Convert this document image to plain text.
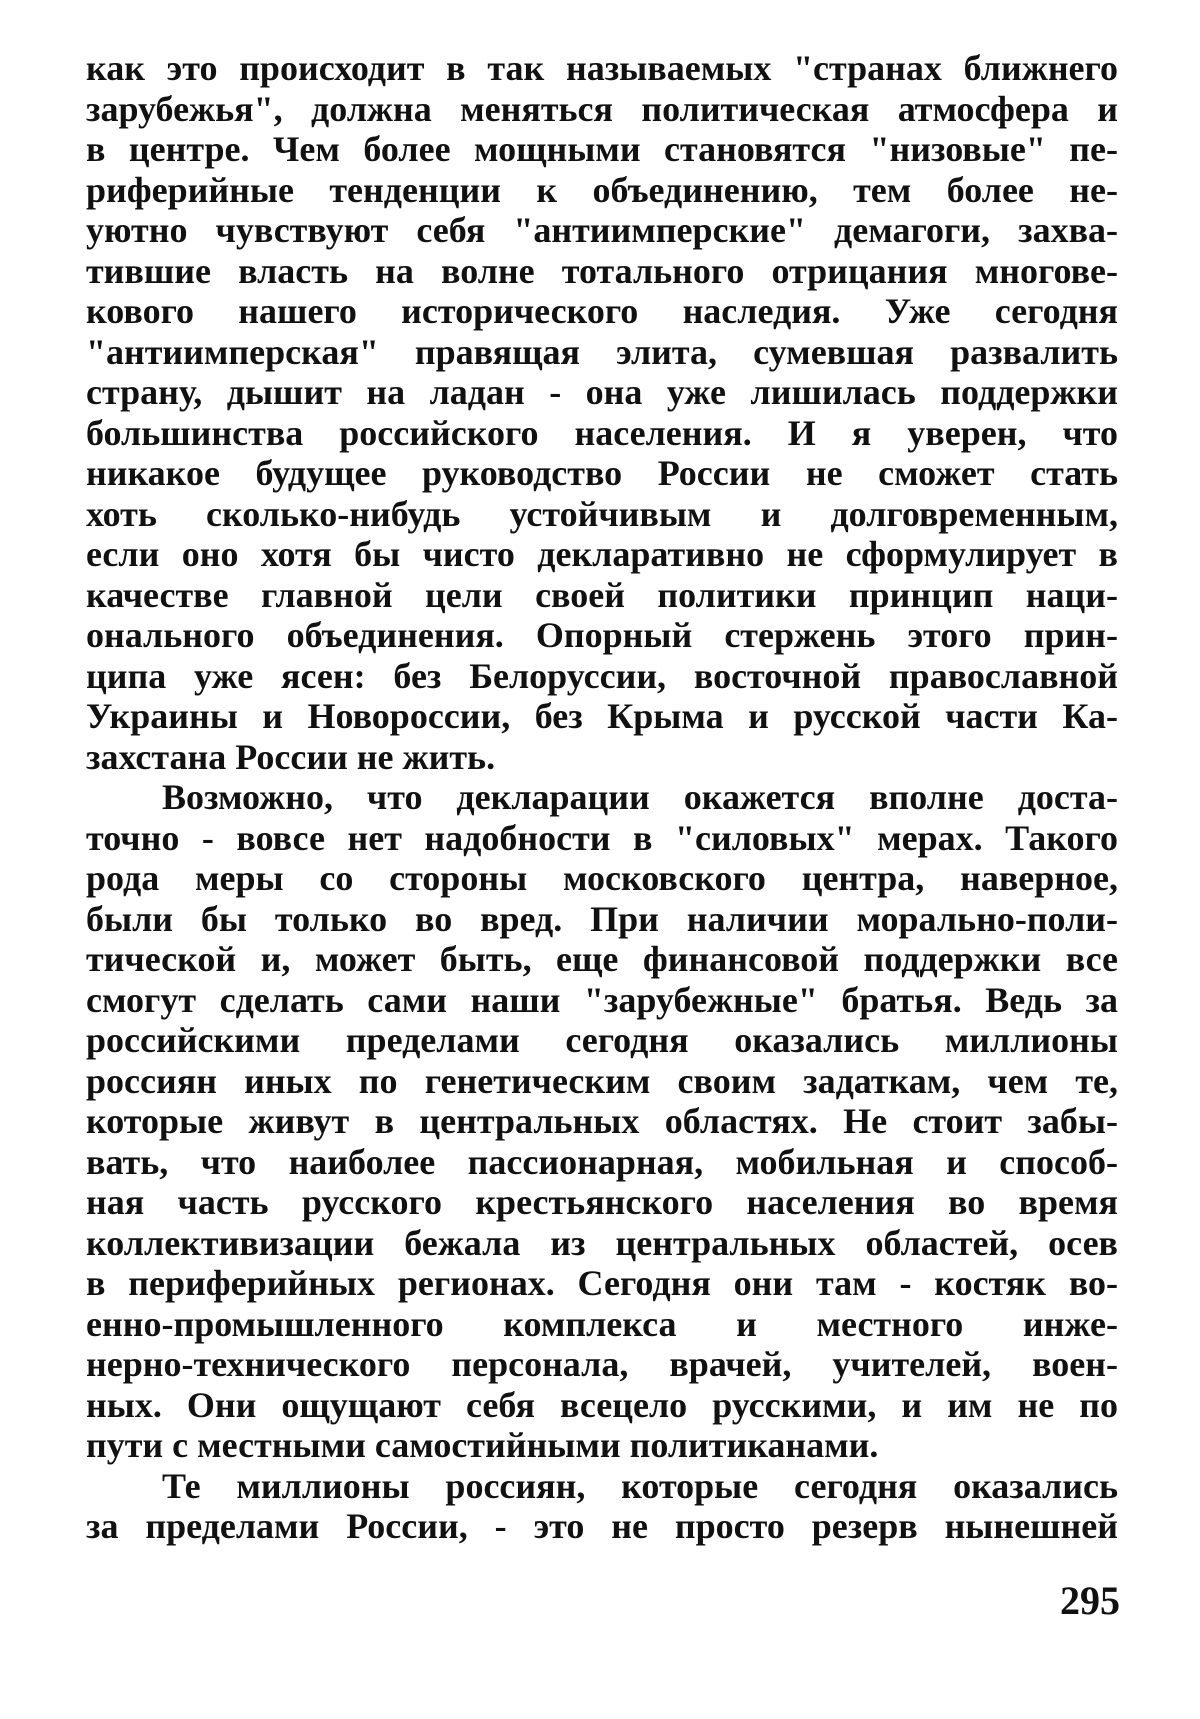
как это происходит в так называемых "странах ближнего
зарубежья", должна меняться политическая атмосфера и
в центре. Чем более мощными становятся "низовые" пе-
риферийные тенденции к объединению, тем более не-
уютно чувствуют себя "антиимперские" демагоги, захва-
тившие власть на волне тотального отрицания многове-
кового нашего исторического наследия. Уже сегодня
"антиимперская" правящая элита, сумевшая развалить
страну, дышит на ладан - она уже лишилась поддержки
большинства российского населения. И я уверен, что
никакое будущее руководство России не сможет стать
хоть сколько-нибудь устойчивым и долговременным,
если оно хотя бы чисто декларативно не сформулирует в
качестве главной цели своей политики принцип наци-
онального объединения. Опорный стержень этого прин-
ципа уже ясен: без Белоруссии, восточной православной
Украины и Новороссии, без Крыма и русской части Ка-
захстана России не жить.
Возможно, что декларации окажется вполне доста-
точно - вовсе нет надобности в "силовых" мерах. Такого
рода меры со стороны московского центра, наверное,
были бы только во вред. При наличии морально-поли-
тической и, может быть, еще финансовой поддержки все
смогут сделать сами наши "зарубежные" братья. Ведь за
российскими пределами сегодня оказались миллионы
россиян иных по генетическим своим задаткам, чем те,
которые живут в центральных областях. Не стоит забы-
вать, что наиболее пассионарная, мобильная и способ-
ная часть русского крестьянского населения во время
коллективизации бежала из центральных областей, осев
в периферийных регионах. Сегодня они там - костяк во-
енно-промышленного комплекса и местного инже-
нерно-технического персонала, врачей, учителей, воен-
ных. Они ощущают себя всецело русскими, и им не по
пути с местными самостийными политиканами.
Те миллионы россиян, которые сегодня оказались
за пределами России, - это не просто резерв нынешней
295
